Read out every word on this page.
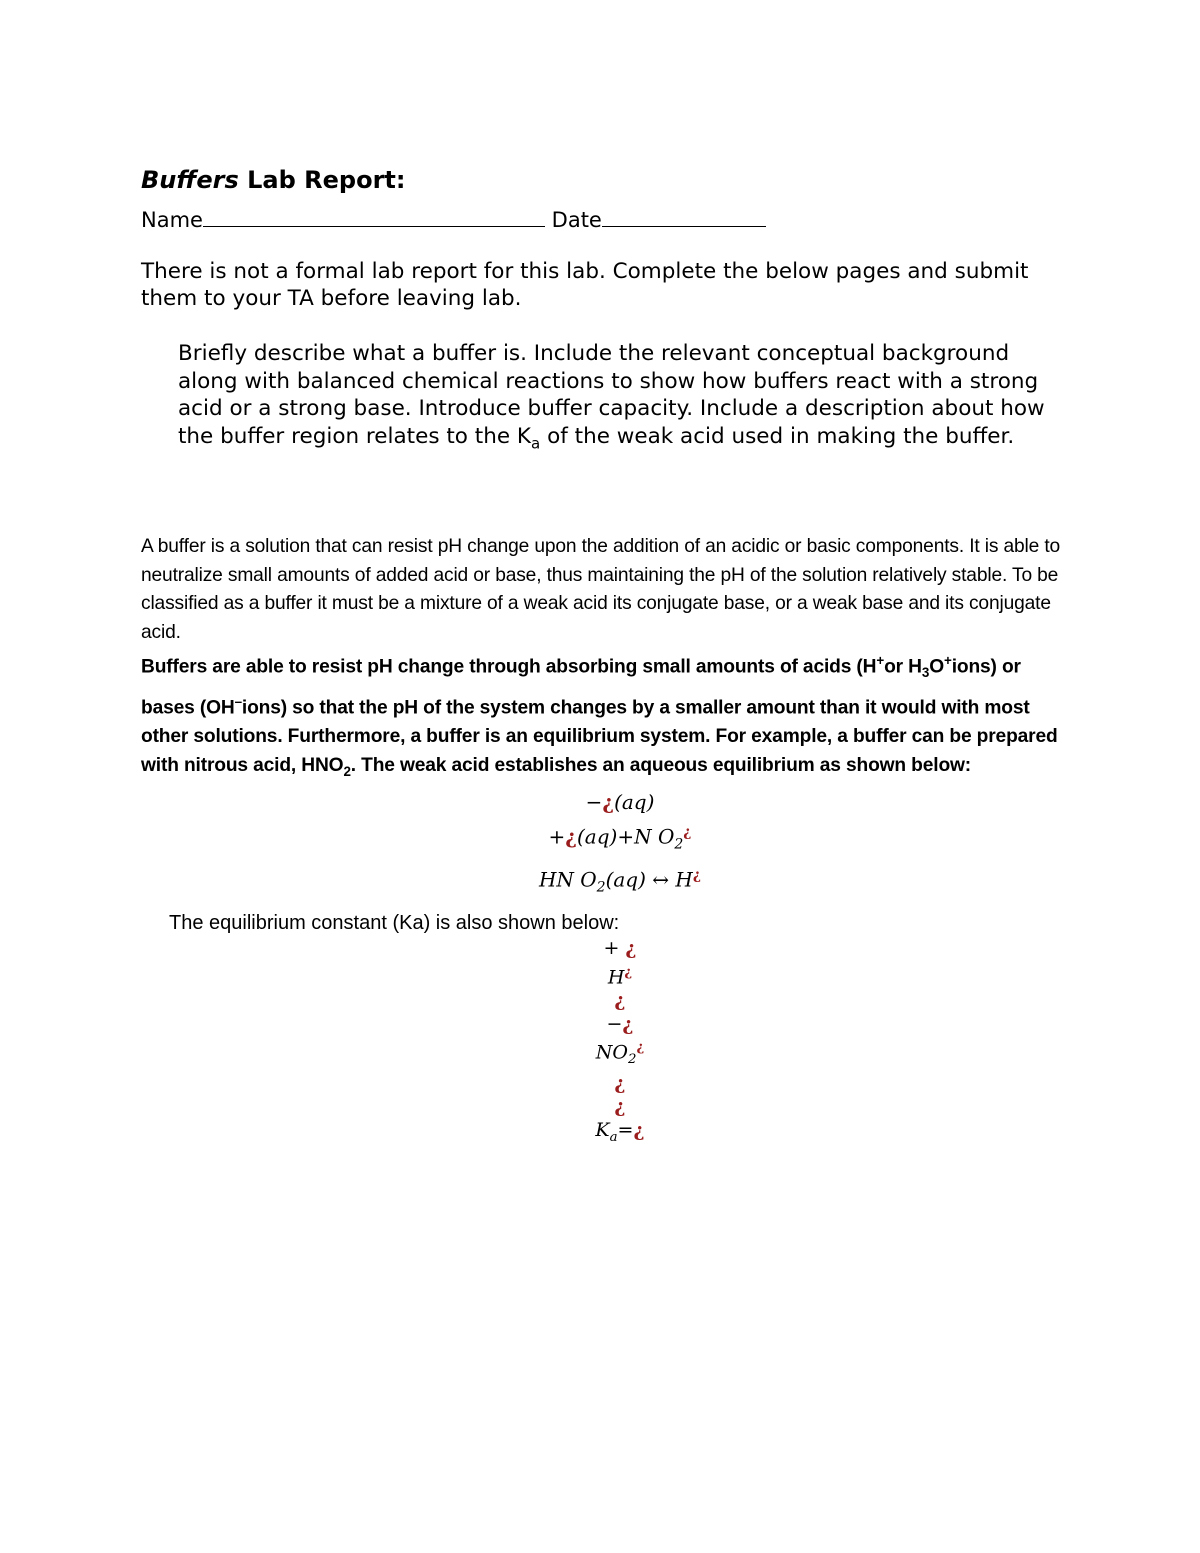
Buffers Lab Report:
Name	Date
There is not a formal lab report for this lab. Complete the below pages and submit them to your TA before leaving lab.
Briefly describe what a buffer is. Include the relevant conceptual background along with balanced chemical reactions to show how buffers react with a strong acid or a strong base. Introduce buffer capacity. Include a description about how the buffer region relates to the $K_a$ of the weak acid used in making the buffer.

A buffer is a solution that can resist pH change upon the addition of an acidic or basic components. It is able to neutralize small amounts of added acid or base, thus maintaining the pH of the solution relatively stable. To be classified as a buffer it must be a mixture of a weak acid its conjugate base, or a weak base and its conjugate acid.

Buffers are able to resist pH change through absorbing small amounts of acids (H+or $H_3O^+ions$) or bases (OH–ions) so that the pH of the system changes by a smaller amount than it would with most other solutions. Furthermore, a buffer is an equilibrium system. For example, a buffer can be prepared with nitrous acid, $HNO_2$. The weak acid establishes an aqueous equilibrium as shown below:

−¿(aq)
+¿(aq)+N $O_2^¿$
HN $O_2(aq)$ ↔ H¿
The equilibrium constant (Ka) is also shown below:
+ ¿
H¿
¿
−¿
$NO_2^¿$
¿
¿
$K_a=¿$
